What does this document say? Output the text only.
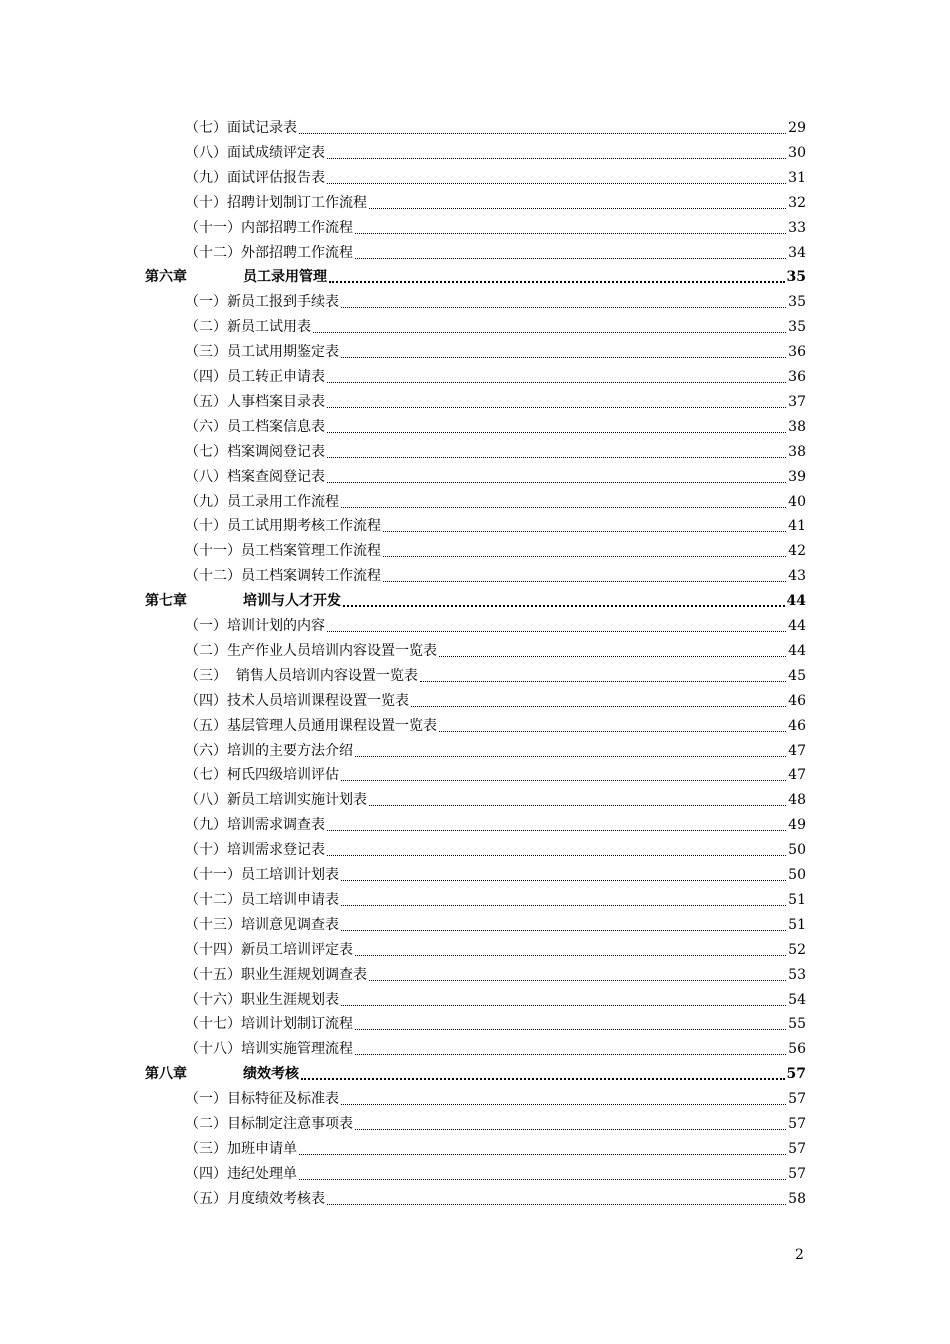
（七）面试记录表	29
（八）面试成绩评定表	30
（九）面试评估报告表	31
（十）招聘计划制订工作流程	32
（十一）内部招聘工作流程	33
（十二）外部招聘工作流程	34
第六章	员工录用管理	35
（一）新员工报到手续表	35
（二）新员工试用表	35
（三）员工试用期鉴定表	36
（四）员工转正申请表	36
（五）人事档案目录表	37
（六）员工档案信息表	38
（七）档案调阅登记表	38
（八）档案查阅登记表	39
（九）员工录用工作流程	40
（十）员工试用期考核工作流程	41
（十一）员工档案管理工作流程	42
（十二）员工档案调转工作流程	43
第七章	培训与人才开发	44
（一）培训计划的内容	44
（二）生产作业人员培训内容设置一览表	44
（三）  销售人员培训内容设置一览表	45
（四）技术人员培训课程设置一览表	46
（五）基层管理人员通用课程设置一览表	46
（六）培训的主要方法介绍	47
（七）柯氏四级培训评估	47
（八）新员工培训实施计划表	48
（九）培训需求调查表	49
（十）培训需求登记表	50
（十一）员工培训计划表	50
（十二）员工培训申请表	51
（十三）培训意见调查表	51
（十四）新员工培训评定表	52
（十五）职业生涯规划调查表	53
（十六）职业生涯规划表	54
（十七）培训计划制订流程	55
（十八）培训实施管理流程	56
第八章	绩效考核	57
（一）目标特征及标准表	57
（二）目标制定注意事项表	57
（三）加班申请单	57
（四）违纪处理单	57
（五）月度绩效考核表	58
2
